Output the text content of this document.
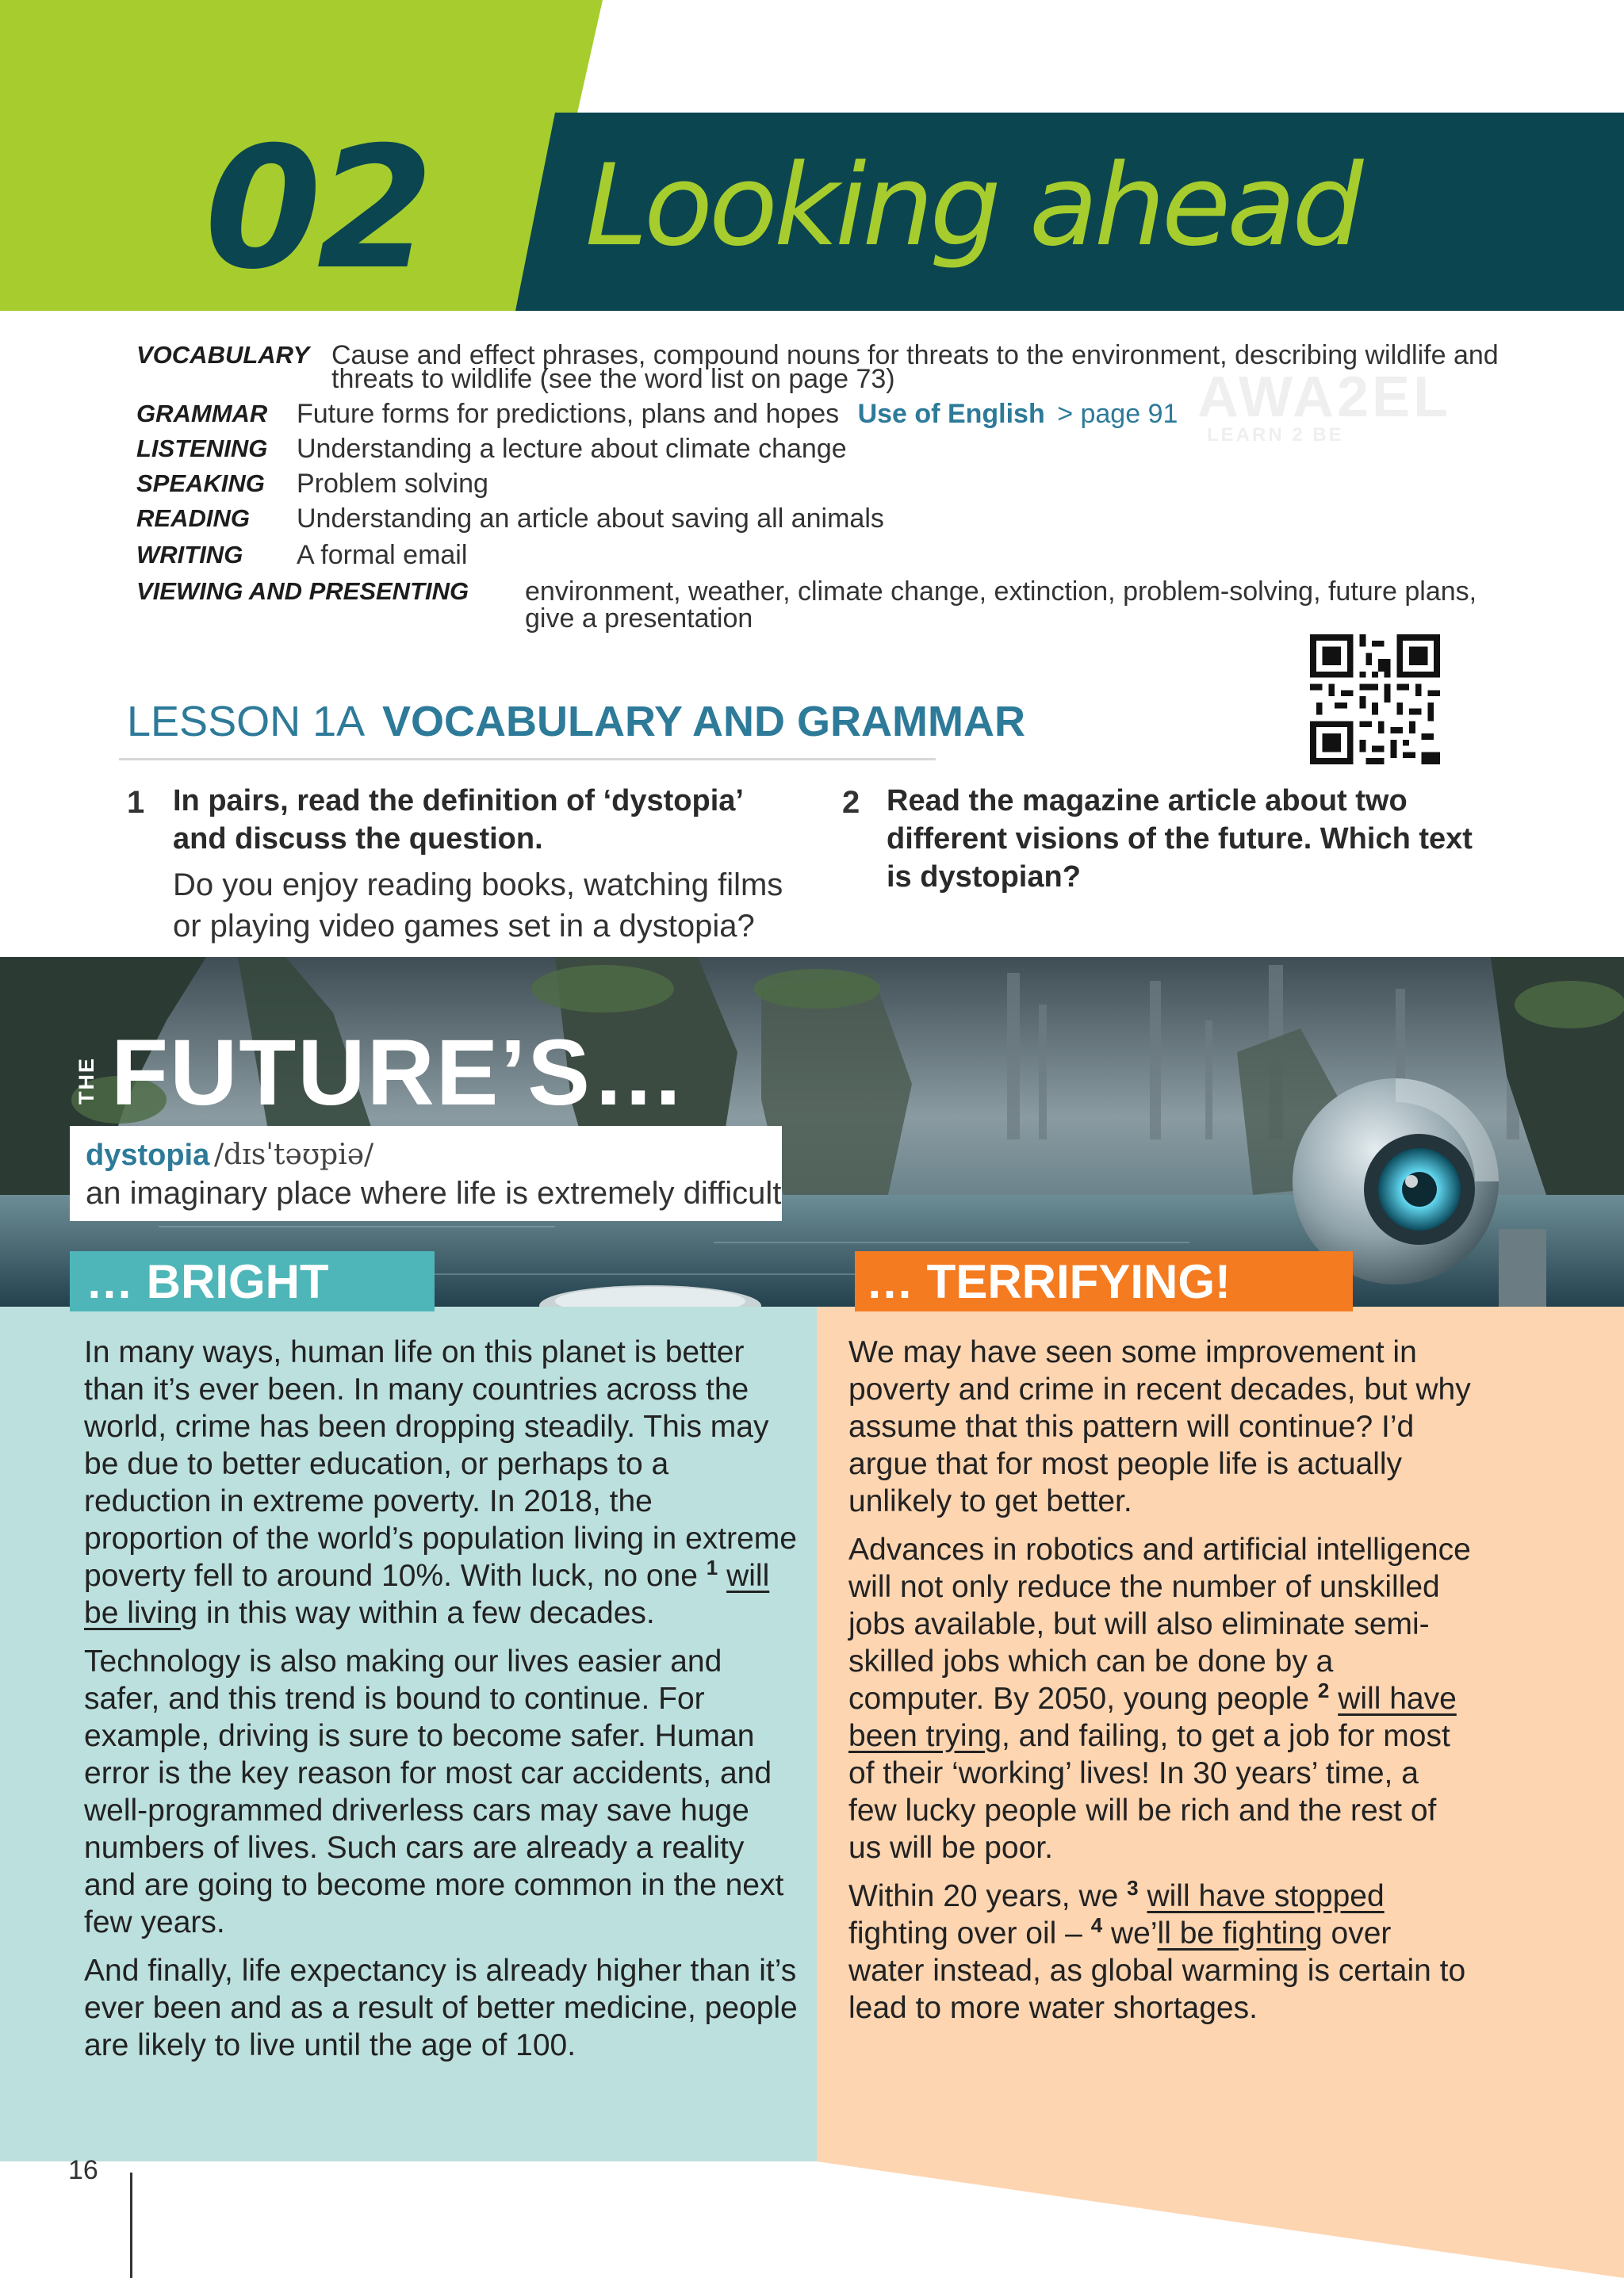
02	Looking ahead
VOCABULARY Cause and effect phrases, compound nouns for threats to the environment, describing wildlife and
threats to wildlife (see the word list on page 73)
GRAMMAR Future forms for predictions, plans and hopes Use of English > page 91
LISTENING Understanding a lecture about climate change
SPEAKING Problem solving
READING Understanding an article about saving all animals
WRITING A formal email
VIEWING AND PRESENTING environment, weather, climate change, extinction, problem-solving, future plans,
give a presentation
AWA2EL
LEARN 2 BE
LESSON 1A VOCABULARY AND GRAMMAR
1 In pairs, read the definition of ‘dystopia’
and discuss the question.
Do you enjoy reading books, watching films
or playing video games set in a dystopia?
2 Read the magazine article about two
different visions of the future. Which text
is dystopian?
THE FUTURE’S…
dystopia /dɪsˈtəʊpiə/
an imaginary place where life is extremely difficult
… BRIGHT	… TERRIFYING!

In many ways, human life on this planet is better than it’s ever been. In many countries across the world, crime has been dropping steadily. This may be due to better education, or perhaps to a reduction in extreme poverty. In 2018, the proportion of the world’s population living in extreme poverty fell to around 10%. With luck, no one $^1$ will be living in this way within a few decades.

Technology is also making our lives easier and safer, and this trend is bound to continue. For example, driving is sure to become safer. Human error is the key reason for most car accidents, and well-programmed driverless cars may save huge numbers of lives. Such cars are already a reality and are going to become more common in the next few years.

And finally, life expectancy is already higher than it’s ever been and as a result of better medicine, people are likely to live until the age of 100.

We may have seen some improvement in poverty and crime in recent decades, but why assume that this pattern will continue? I’d argue that for most people life is actually unlikely to get better.

Advances in robotics and artificial intelligence will not only reduce the number of unskilled jobs available, but will also eliminate semi-skilled jobs which can be done by a computer. By 2050, young people $^2$ will have been trying, and failing, to get a job for most of their ‘working’ lives! In 30 years’ time, a few lucky people will be rich and the rest of us will be poor.

Within 20 years, we $^3$ will have stopped fighting over oil – $^4$ we’ll be fighting over water instead, as global warming is certain to lead to more water shortages.

16
